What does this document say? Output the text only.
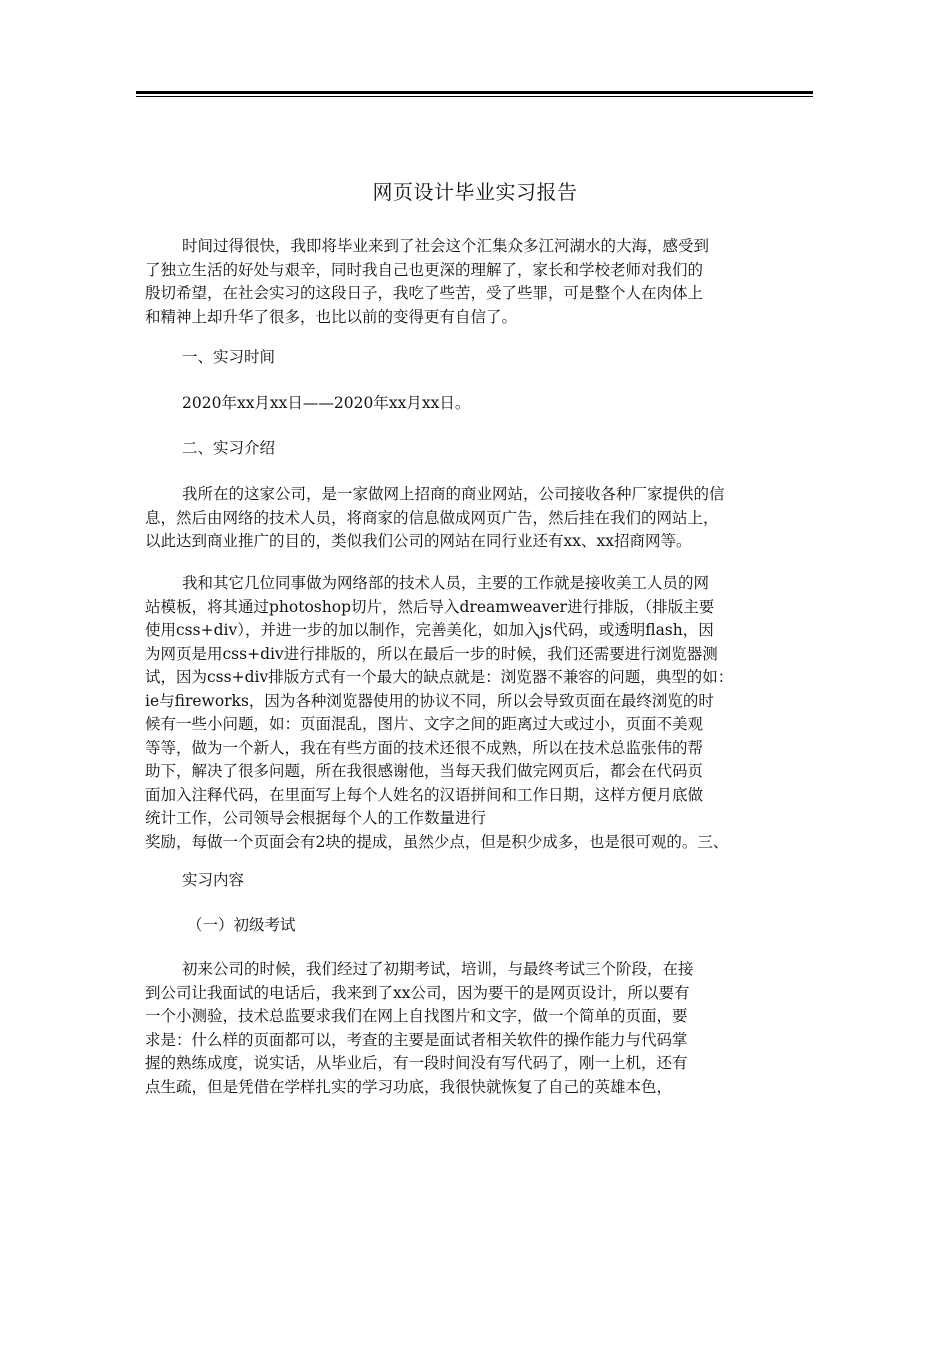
网页设计毕业实习报告
时间过得很快，我即将毕业来到了社会这个汇集众多江河湖水的大海，感受到
了独立生活的好处与艰辛，同时我自己也更深的理解了，家长和学校老师对我们的
殷切希望，在社会实习的这段日子，我吃了些苦，受了些罪，可是整个人在肉体上
和精神上却升华了很多，也比以前的变得更有自信了。
一、实习时间
2020年xx月xx日——2020年xx月xx日。
二、实习介绍
我所在的这家公司，是一家做网上招商的商业网站，公司接收各种厂家提供的信
息，然后由网络的技术人员，将商家的信息做成网页广告，然后挂在我们的网站上，
以此达到商业推广的目的，类似我们公司的网站在同行业还有xx、xx招商网等。
我和其它几位同事做为网络部的技术人员，主要的工作就是接收美工人员的网
站模板，将其通过photoshop切片，然后导入dreamweaver进行排版，（排版主要
使用css+div），并进一步的加以制作，完善美化，如加入js代码，或透明flash，因
为网页是用css+div进行排版的，所以在最后一步的时候，我们还需要进行浏览器测
试，因为css+div排版方式有一个最大的缺点就是：浏览器不兼容的问题，典型的如：
ie与fireworks，因为各种浏览器使用的协议不同，所以会导致页面在最终浏览的时
候有一些小问题，如：页面混乱，图片、文字之间的距离过大或过小，页面不美观
等等，做为一个新人，我在有些方面的技术还很不成熟，所以在技术总监张伟的帮
助下，解决了很多问题，所在我很感谢他，当每天我们做完网页后，都会在代码页
面加入注释代码，在里面写上每个人姓名的汉语拼间和工作日期，这样方便月底做
统计工作，公司领导会根据每个人的工作数量进行
奖励，每做一个页面会有2块的提成，虽然少点，但是积少成多，也是很可观的。三、
实习内容
（一）初级考试
初来公司的时候，我们经过了初期考试，培训，与最终考试三个阶段，在接
到公司让我面试的电话后，我来到了xx公司，因为要干的是网页设计，所以要有
一个小测验，技术总监要求我们在网上自找图片和文字，做一个简单的页面，要
求是：什么样的页面都可以，考查的主要是面试者相关软件的操作能力与代码掌
握的熟练成度，说实话，从毕业后，有一段时间没有写代码了，刚一上机，还有
点生疏，但是凭借在学样扎实的学习功底，我很快就恢复了自己的英雄本色，
